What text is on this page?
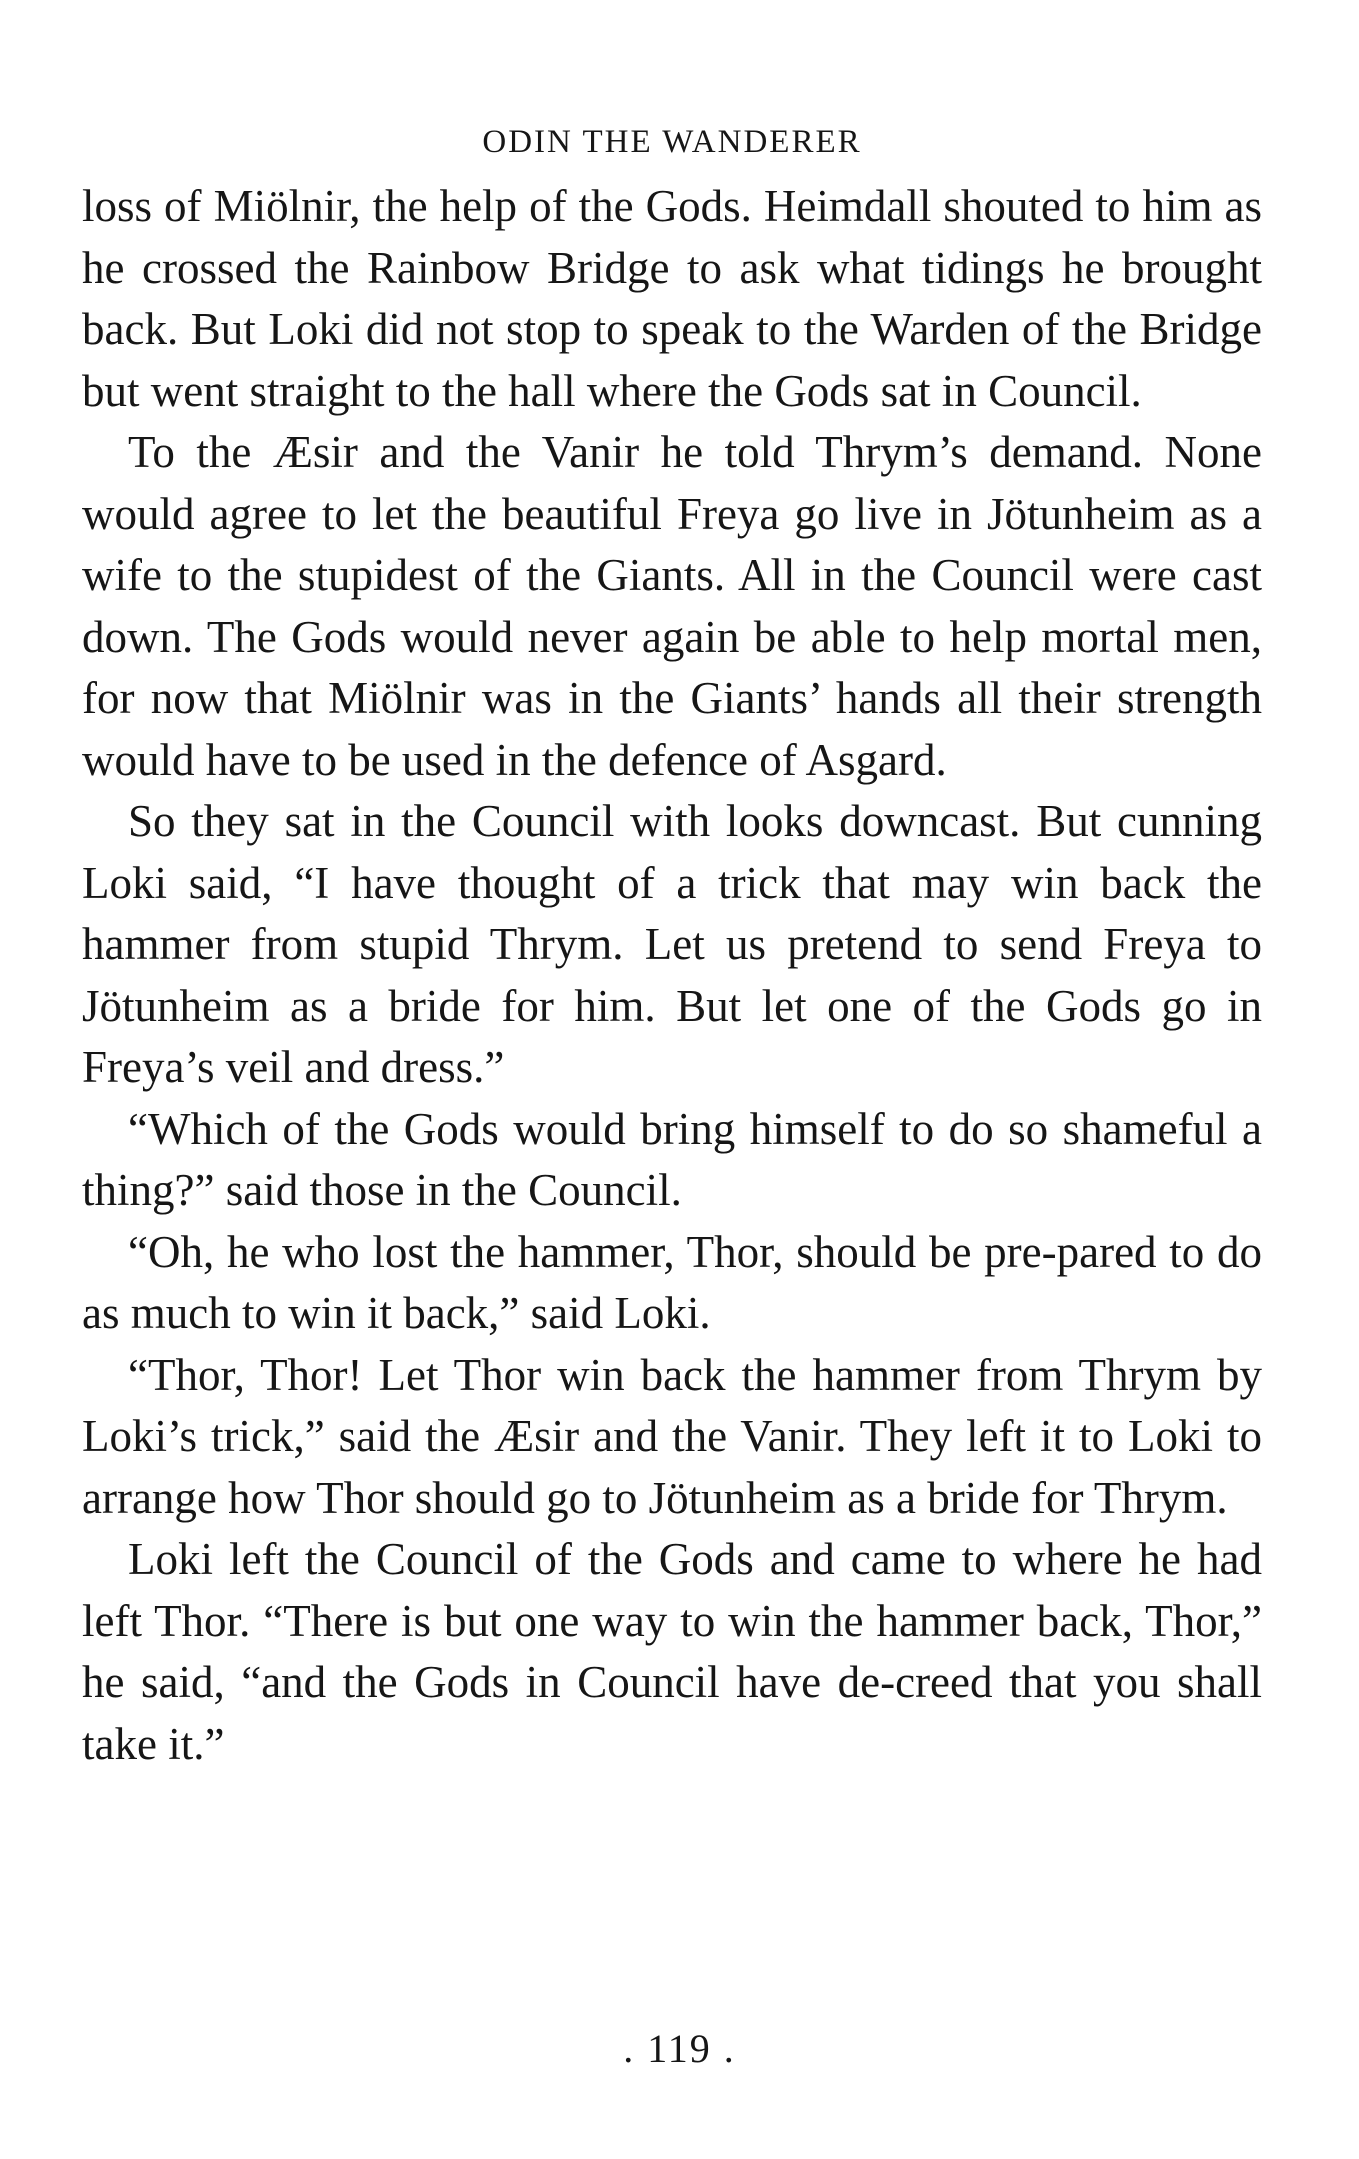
ODIN THE WANDERER

loss of Miölnir, the help of the Gods. Heimdall shouted to him as he crossed the Rainbow Bridge to ask what tidings he brought back. But Loki did not stop to speak to the Warden of the Bridge but went straight to the hall where the Gods sat in Council.

To the Æsir and the Vanir he told Thrym’s demand. None would agree to let the beautiful Freya go live in Jötunheim as a wife to the stupidest of the Giants. All in the Council were cast down. The Gods would never again be able to help mortal men, for now that Miölnir was in the Giants’ hands all their strength would have to be used in the defence of Asgard.

So they sat in the Council with looks downcast. But cunning Loki said, “I have thought of a trick that may win back the hammer from stupid Thrym. Let us pretend to send Freya to Jötunheim as a bride for him. But let one of the Gods go in Freya’s veil and dress.”

“Which of the Gods would bring himself to do so shameful a thing?” said those in the Council.

“Oh, he who lost the hammer, Thor, should be pre-pared to do as much to win it back,” said Loki.

“Thor, Thor! Let Thor win back the hammer from Thrym by Loki’s trick,” said the Æsir and the Vanir. They left it to Loki to arrange how Thor should go to Jötunheim as a bride for Thrym.

Loki left the Council of the Gods and came to where he had left Thor. “There is but one way to win the hammer back, Thor,” he said, “and the Gods in Council have de-creed that you shall take it.”

. 119 .
